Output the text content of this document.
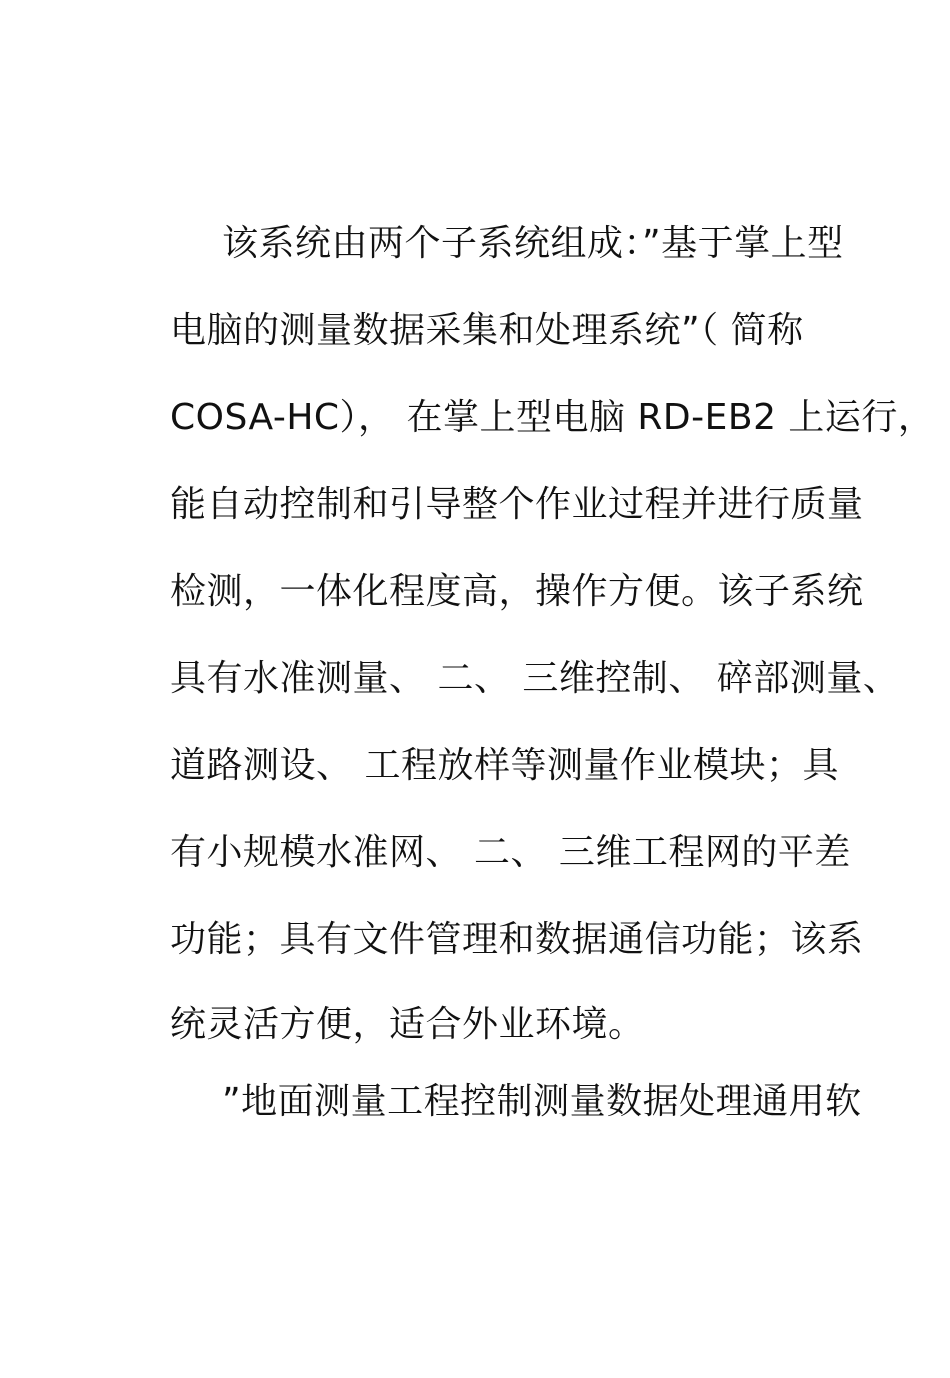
该系统由两个子系统组成：”基于掌上型
电脑的测量数据采集和处理系统”（ 简称
COSA-HC）， 在掌上型电脑 RD-EB2 上运行，
能自动控制和引导整个作业过程并进行质量
检测，一体化程度高，操作方便。该子系统
具有水准测量、 二、 三维控制、 碎部测量、
道路测设、 工程放样等测量作业模块；具
有小规模水准网、 二、 三维工程网的平差
功能；具有文件管理和数据通信功能；该系
统灵活方便，适合外业环境。
”地面测量工程控制测量数据处理通用软
